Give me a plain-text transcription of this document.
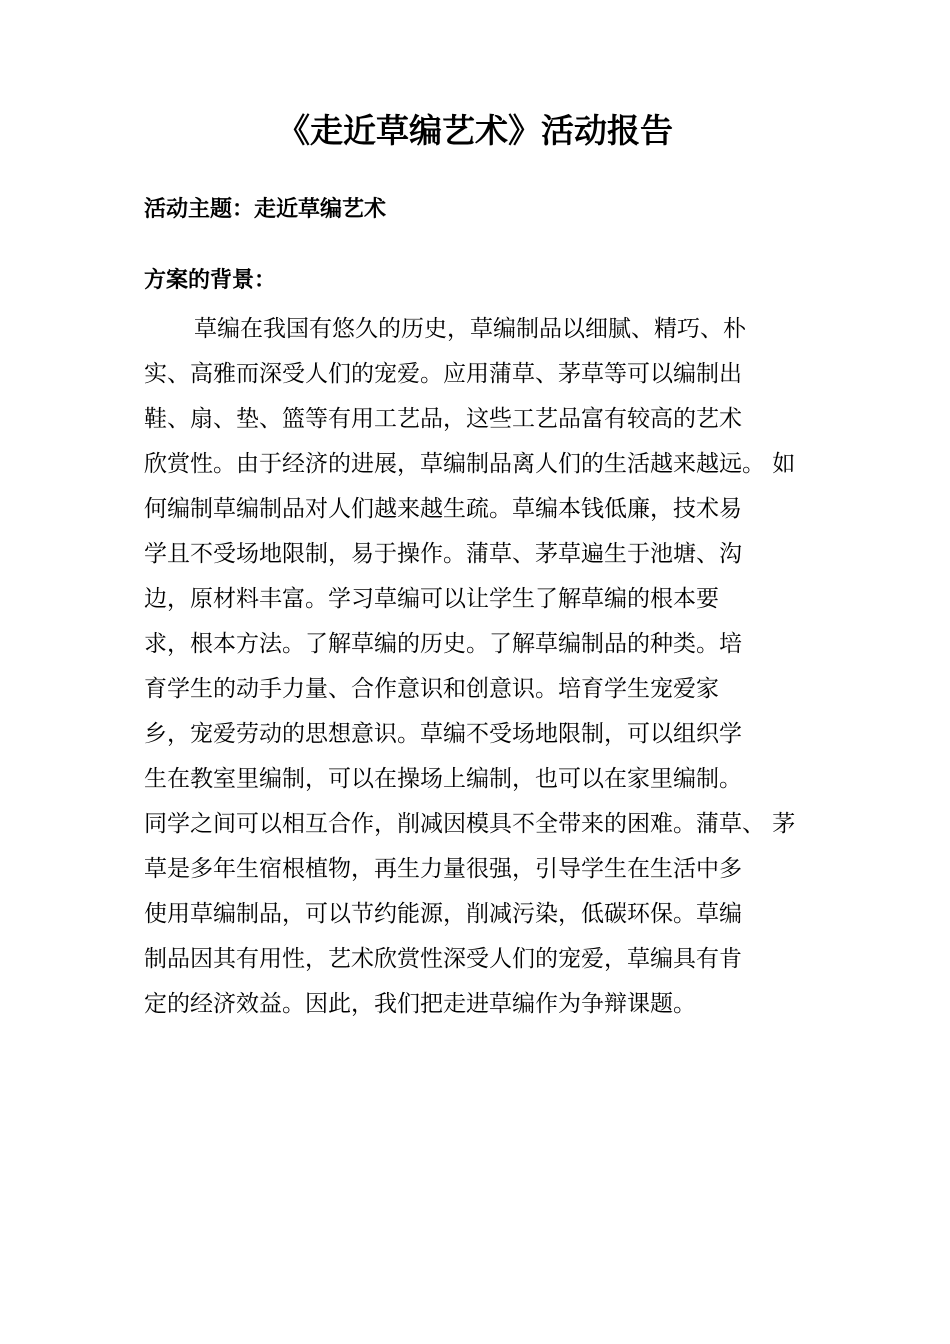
《走近草编艺术》活动报告

活动主题：走近草编艺术

方案的背景：

草编在我国有悠久的历史，草编制品以细腻、精巧、朴
实、高雅而深受人们的宠爱。应用蒲草、茅草等可以编制出
鞋、扇、垫、篮等有用工艺品，这些工艺品富有较高的艺术
欣赏性。由于经济的进展，草编制品离人们的生活越来越远。 如
何编制草编制品对人们越来越生疏。草编本钱低廉，技术易
学且不受场地限制，易于操作。蒲草、茅草遍生于池塘、沟
边，原材料丰富。学习草编可以让学生了解草编的根本要
求，根本方法。了解草编的历史。了解草编制品的种类。培
育学生的动手力量、合作意识和创意识。培育学生宠爱家
乡，宠爱劳动的思想意识。草编不受场地限制，可以组织学
生在教室里编制，可以在操场上编制，也可以在家里编制。
同学之间可以相互合作，削减因模具不全带来的困难。蒲草、 茅
草是多年生宿根植物，再生力量很强，引导学生在生活中多
使用草编制品，可以节约能源，削减污染，低碳环保。草编
制品因其有用性，艺术欣赏性深受人们的宠爱，草编具有肯
定的经济效益。因此，我们把走进草编作为争辩课题。
